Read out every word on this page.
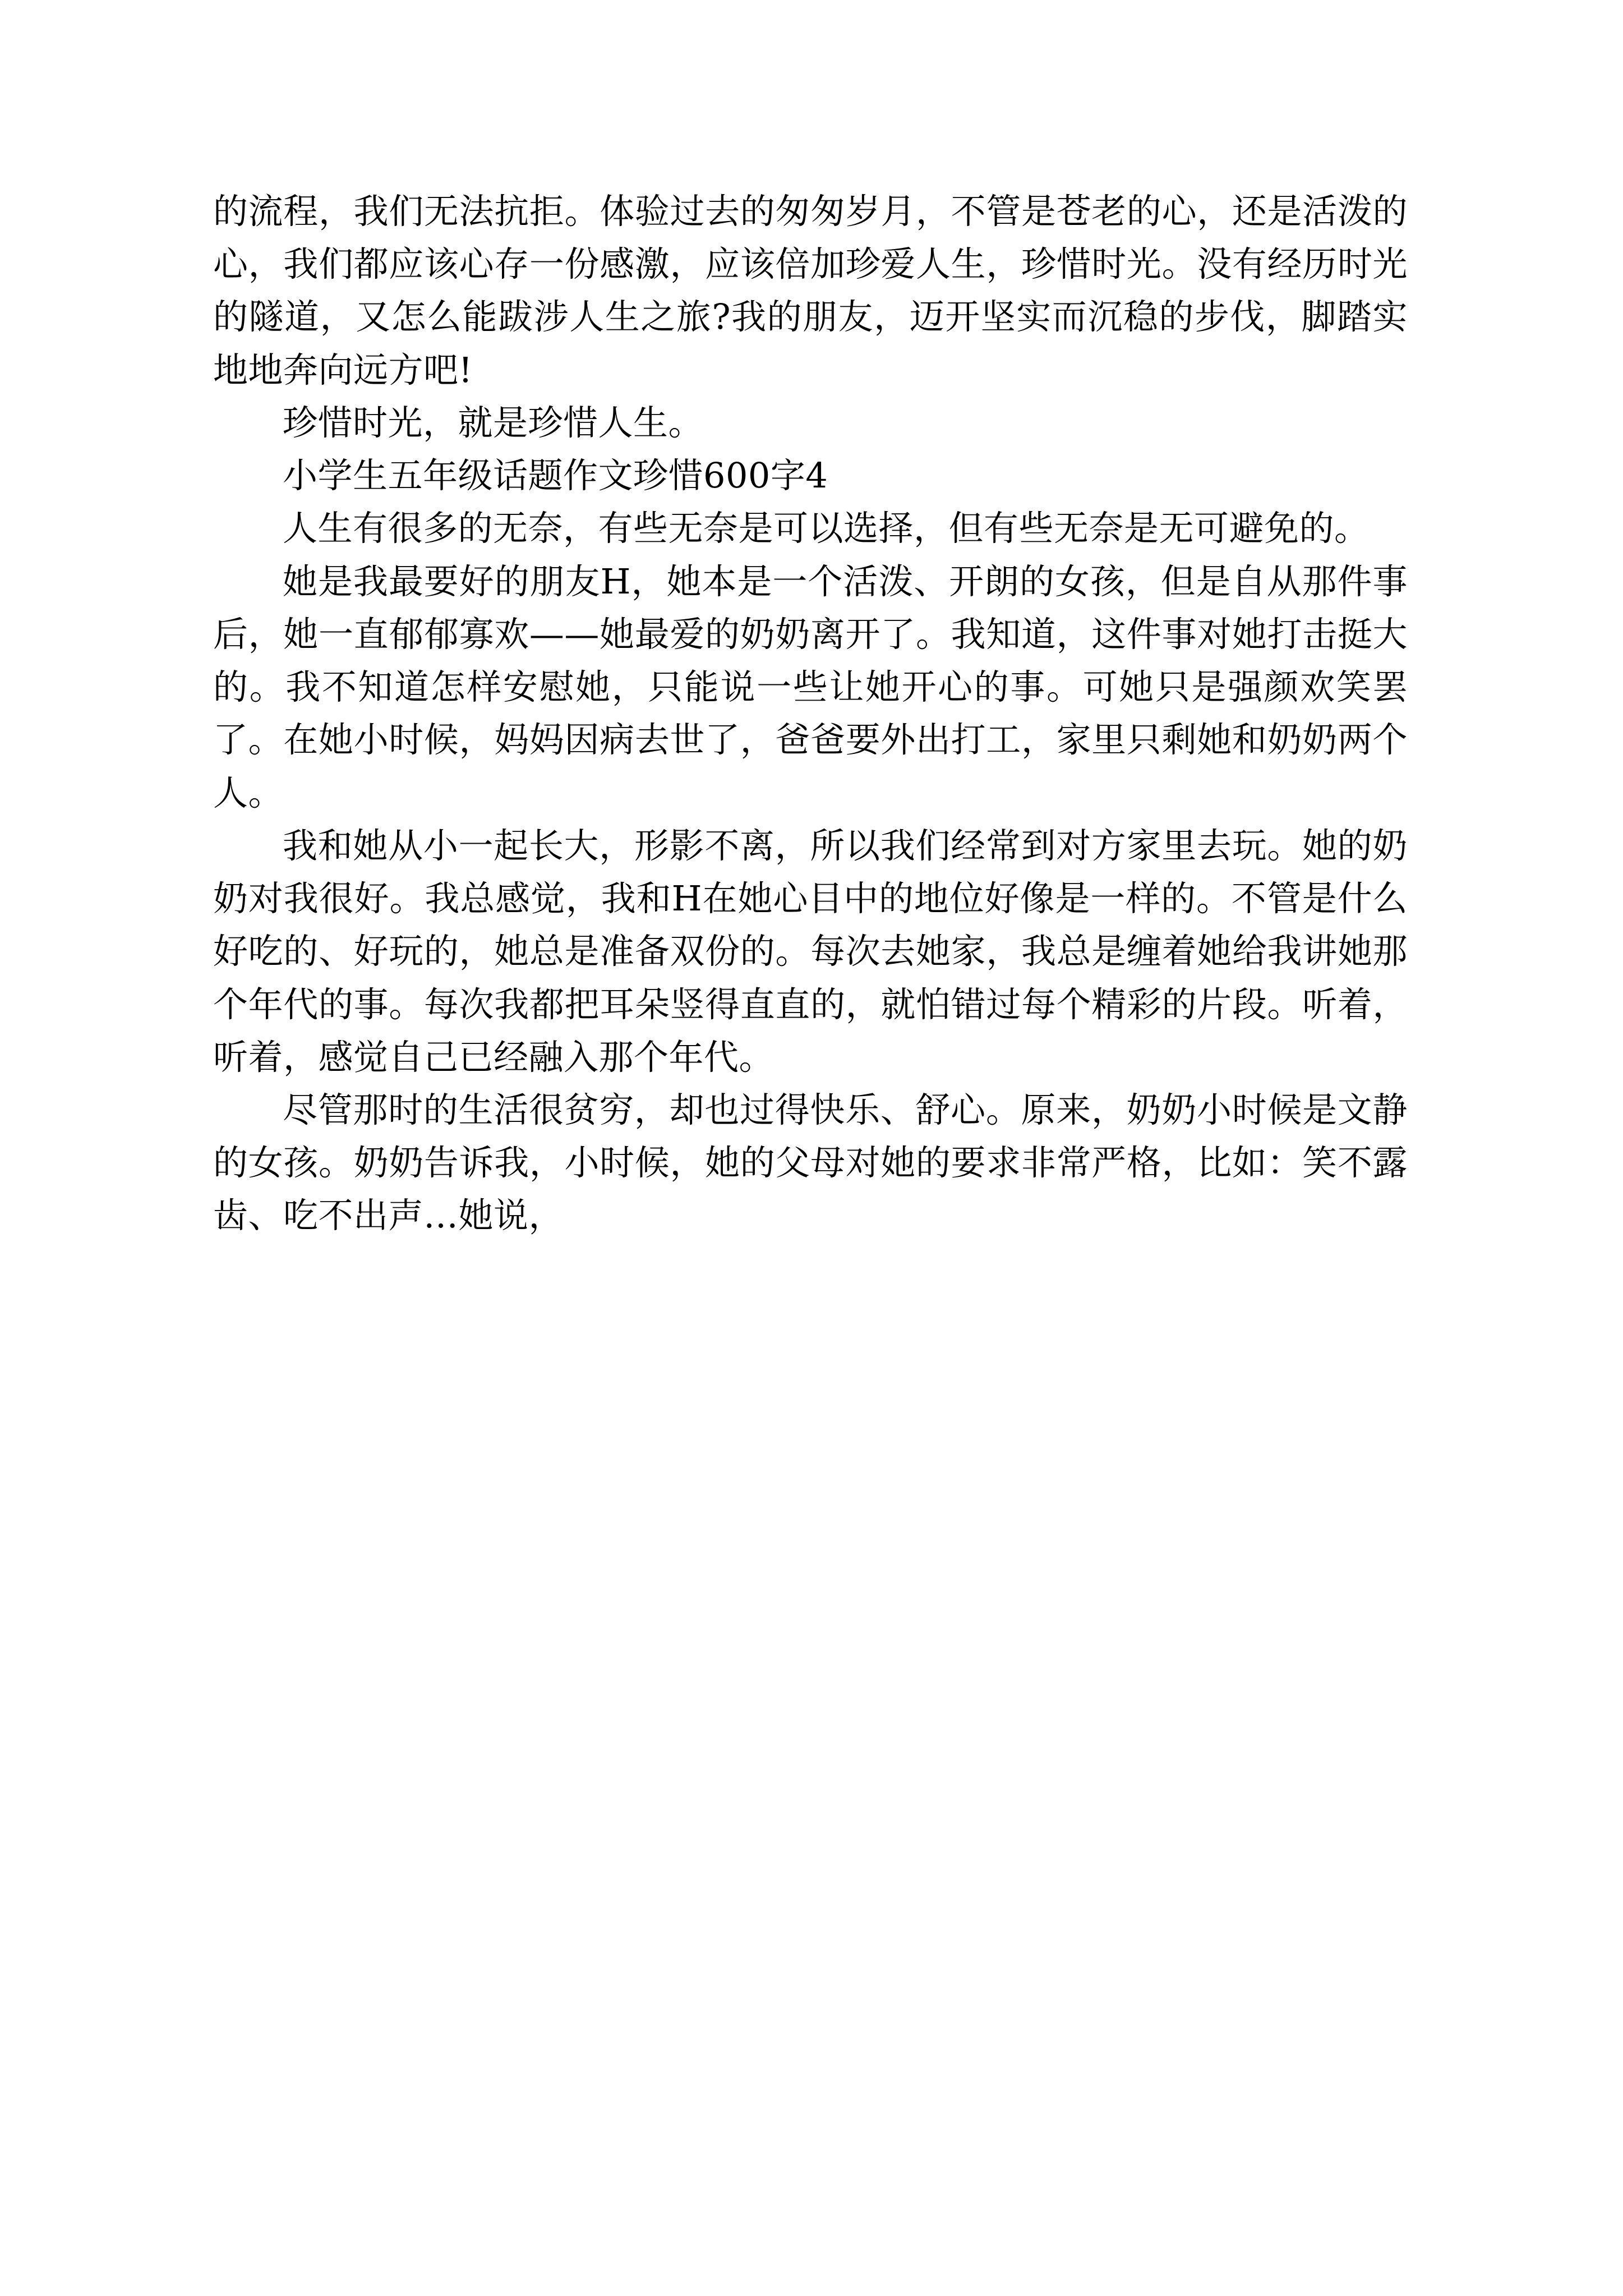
的流程，我们无法抗拒。体验过去的匆匆岁月，不管是苍老的心，还是活泼的心，我们都应该心存一份感激，应该倍加珍爱人生，珍惜时光。没有经历时光的隧道，又怎么能跋涉人生之旅?我的朋友，迈开坚实而沉稳的步伐，脚踏实地地奔向远方吧!

珍惜时光，就是珍惜人生。

小学生五年级话题作文珍惜600字4

人生有很多的无奈，有些无奈是可以选择，但有些无奈是无可避免的。

她是我最要好的朋友H，她本是一个活泼、开朗的女孩，但是自从那件事后，她一直郁郁寡欢——她最爱的奶奶离开了。我知道，这件事对她打击挺大的。我不知道怎样安慰她，只能说一些让她开心的事。可她只是强颜欢笑罢了。在她小时候，妈妈因病去世了，爸爸要外出打工，家里只剩她和奶奶两个人。

我和她从小一起长大，形影不离，所以我们经常到对方家里去玩。她的奶奶对我很好。我总感觉，我和H在她心目中的地位好像是一样的。不管是什么好吃的、好玩的，她总是准备双份的。每次去她家，我总是缠着她给我讲她那个年代的事。每次我都把耳朵竖得直直的，就怕错过每个精彩的片段。听着，听着，感觉自己已经融入那个年代。

尽管那时的生活很贫穷，却也过得快乐、舒心。原来，奶奶小时候是文静的女孩。奶奶告诉我，小时候，她的父母对她的要求非常严格，比如：笑不露齿、吃不出声…她说，
